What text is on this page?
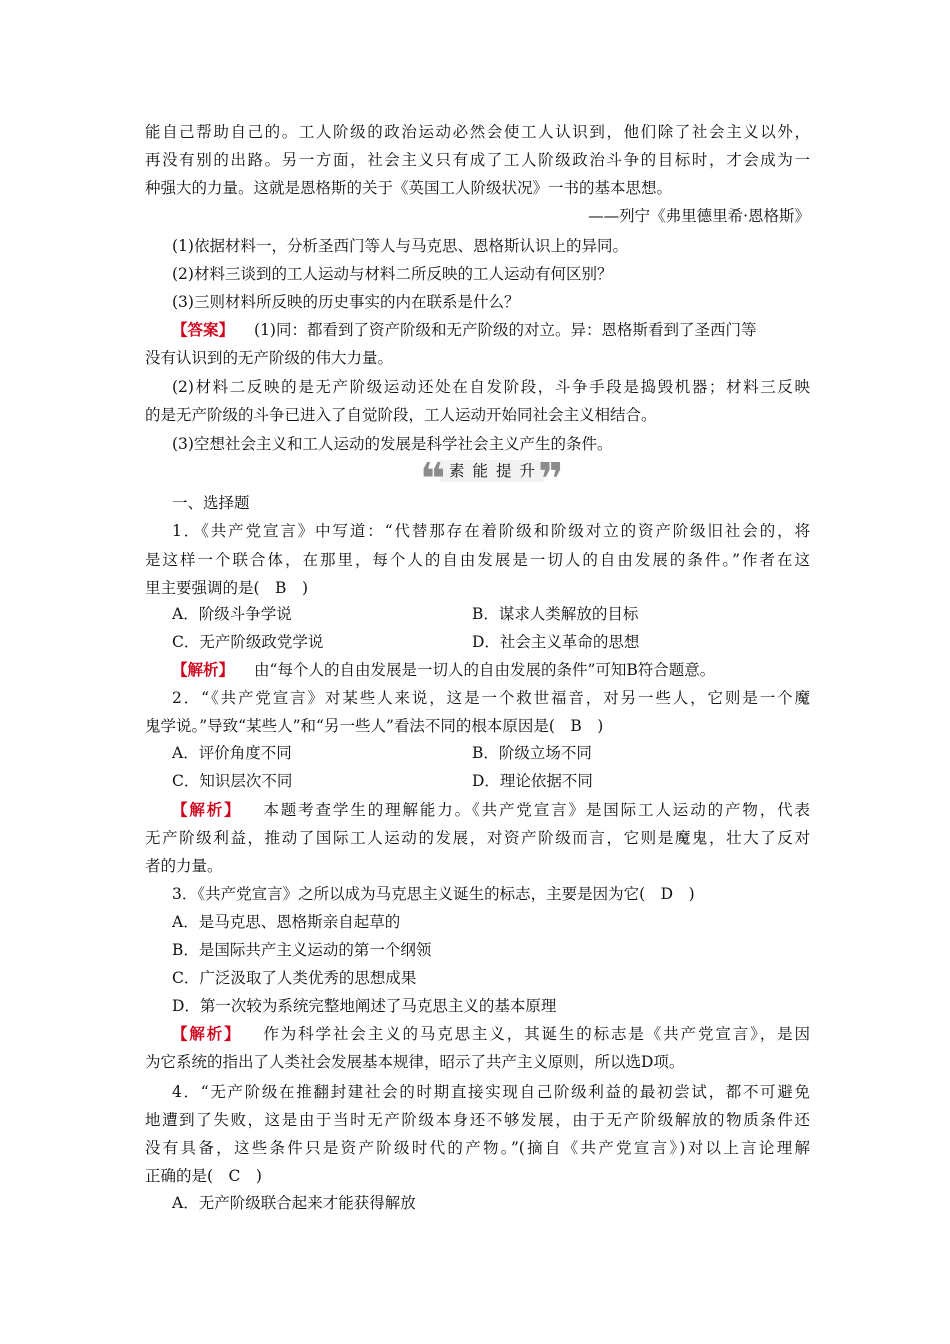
能自己帮助自己的。工人阶级的政治运动必然会使工人认识到，他们除了社会主义以外，
再没有别的出路。另一方面，社会主义只有成了工人阶级政治斗争的目标时，才会成为一
种强大的力量。这就是恩格斯的关于《英国工人阶级状况》一书的基本思想。
——列宁《弗里德里希·恩格斯》
(1)依据材料一，分析圣西门等人与马克思、恩格斯认识上的异同。
(2)材料三谈到的工人运动与材料二所反映的工人运动有何区别？
(3)三则材料所反映的历史事实的内在联系是什么？
【答案】 (1)同：都看到了资产阶级和无产阶级的对立。异：恩格斯看到了圣西门等
没有认识到的无产阶级的伟大力量。
(2)材料二反映的是无产阶级运动还处在自发阶段，斗争手段是捣毁机器；材料三反映
的是无产阶级的斗争已进入了自觉阶段，工人运动开始同社会主义相结合。
(3)空想社会主义和工人运动的发展是科学社会主义产生的条件。
❝ 素能提升
❞
一、选择题
1．《共产党宣言》中写道：“代替那存在着阶级和阶级对立的资产阶级旧社会的，将
是这样一个联合体，在那里，每个人的自由发展是一切人的自由发展的条件。”作者在这
里主要强调的是(　B　)
A．阶级斗争学说	B．谋求人类解放的目标
C．无产阶级政党学说	D．社会主义革命的思想
【解析】 由“每个人的自由发展是一切人的自由发展的条件”可知B符合题意。
2．“《共产党宣言》对某些人来说，这是一个救世福音，对另一些人，它则是一个魔
鬼学说。”导致“某些人”和“另一些人”看法不同的根本原因是(　B　)
A．评价角度不同	B．阶级立场不同
C．知识层次不同	D．理论依据不同
【解析】 本题考查学生的理解能力。《共产党宣言》是国际工人运动的产物，代表
无产阶级利益，推动了国际工人运动的发展，对资产阶级而言，它则是魔鬼，壮大了反对
者的力量。
3．《共产党宣言》之所以成为马克思主义诞生的标志，主要是因为它(　D　)
A．是马克思、恩格斯亲自起草的
B．是国际共产主义运动的第一个纲领
C．广泛汲取了人类优秀的思想成果
D．第一次较为系统完整地阐述了马克思主义的基本原理
【解析】 作为科学社会主义的马克思主义，其诞生的标志是《共产党宣言》，是因
为它系统的指出了人类社会发展基本规律，昭示了共产主义原则，所以选D项。
4．“无产阶级在推翻封建社会的时期直接实现自己阶级利益的最初尝试，都不可避免
地遭到了失败，这是由于当时无产阶级本身还不够发展，由于无产阶级解放的物质条件还
没有具备，这些条件只是资产阶级时代的产物。”(摘自《共产党宣言》)对以上言论理解
正确的是(　C　)
A．无产阶级联合起来才能获得解放
